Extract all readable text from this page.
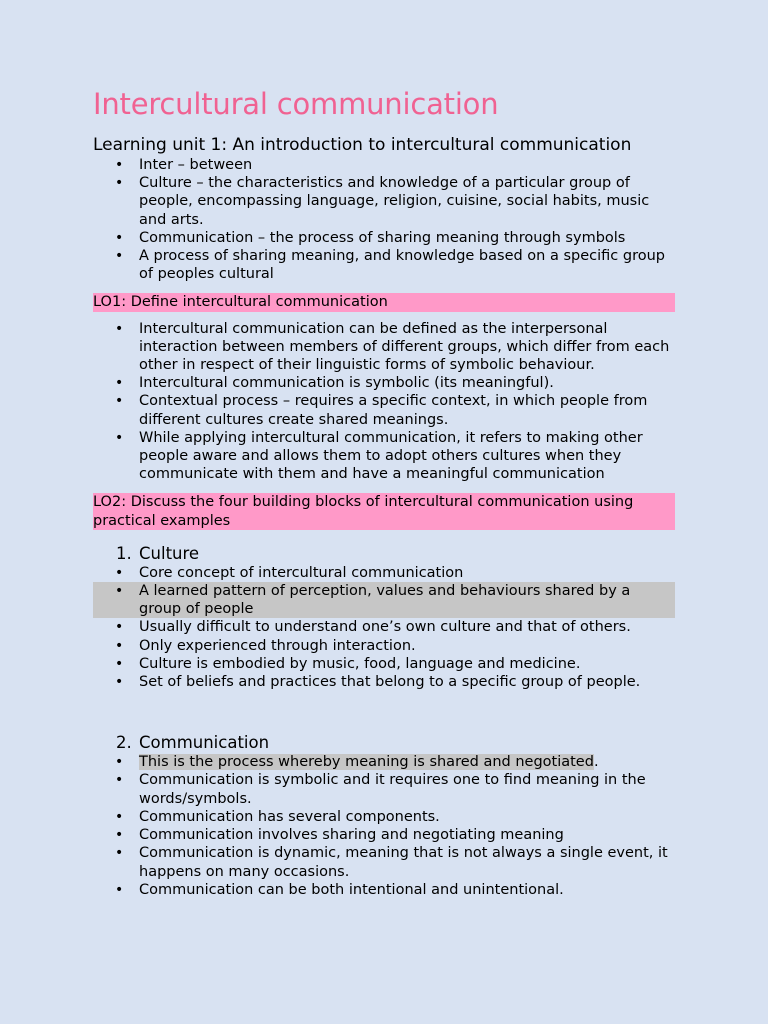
Intercultural communication
Learning unit 1: An introduction to intercultural communication
• Inter – between
• Culture – the characteristics and knowledge of a particular group of people, encompassing language, religion, cuisine, social habits, music and arts.
• Communication – the process of sharing meaning through symbols
• A process of sharing meaning, and knowledge based on a specific group of peoples cultural
LO1: Define intercultural communication
• Intercultural communication can be defined as the interpersonal interaction between members of different groups, which differ from each other in respect of their linguistic forms of symbolic behaviour.
• Intercultural communication is symbolic (its meaningful).
• Contextual process – requires a specific context, in which people from different cultures create shared meanings.
• While applying intercultural communication, it refers to making other people aware and allows them to adopt others cultures when they communicate with them and have a meaningful communication
LO2: Discuss the four building blocks of intercultural communication using practical examples
1. Culture
• Core concept of intercultural communication
• A learned pattern of perception, values and behaviours shared by a group of people
• Usually difficult to understand one’s own culture and that of others.
• Only experienced through interaction.
• Culture is embodied by music, food, language and medicine.
• Set of beliefs and practices that belong to a specific group of people.
2. Communication
• This is the process whereby meaning is shared and negotiated.
• Communication is symbolic and it requires one to find meaning in the words/symbols.
• Communication has several components.
• Communication involves sharing and negotiating meaning
• Communication is dynamic, meaning that is not always a single event, it happens on many occasions.
• Communication can be both intentional and unintentional.
